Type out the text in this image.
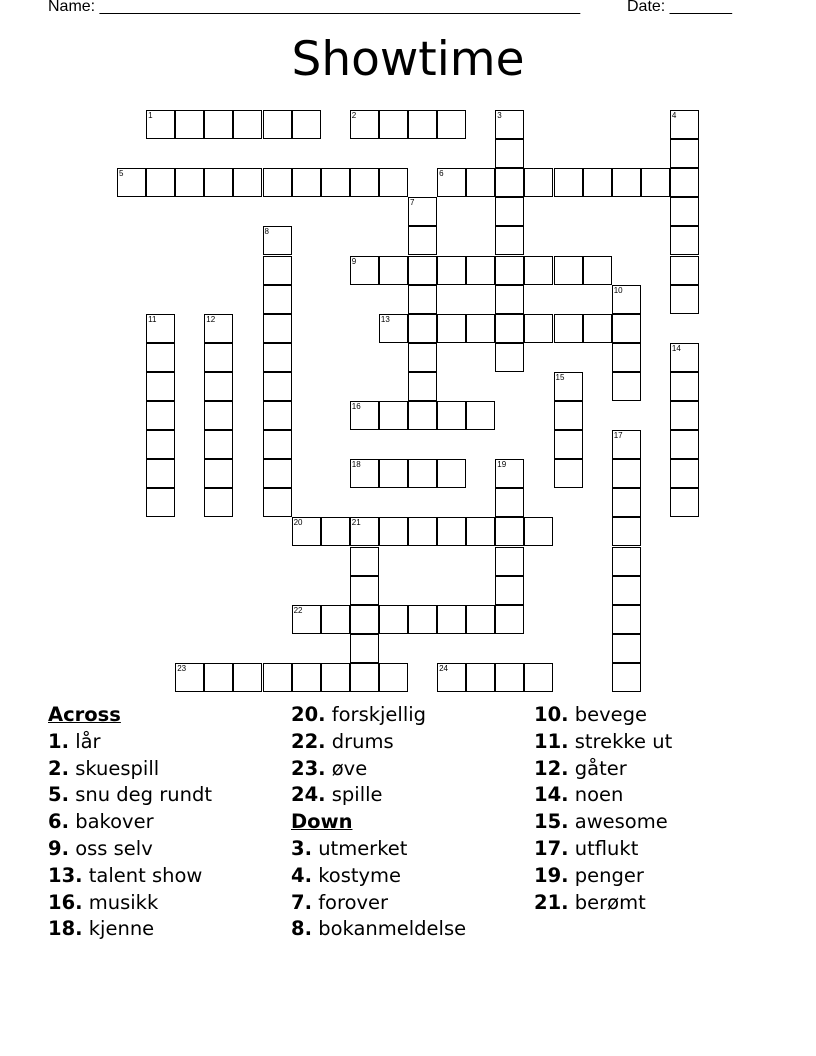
Name: ______________________________________________________	Date: _______
Showtime
1	2	3	4
5	6
7
8
9
10
11	12	13
14
15
16
17
18	19
20	21
22
23	24
Across
1. lår
2. skuespill
5. snu deg rundt
6. bakover
9. oss selv
13. talent show
16. musikk
18. kjenne
20. forskjellig
22. drums
23. øve
24. spille
Down
3. utmerket
4. kostyme
7. forover
8. bokanmeldelse
10. bevege
11. strekke ut
12. gåter
14. noen
15. awesome
17. utflukt
19. penger
21. berømt
